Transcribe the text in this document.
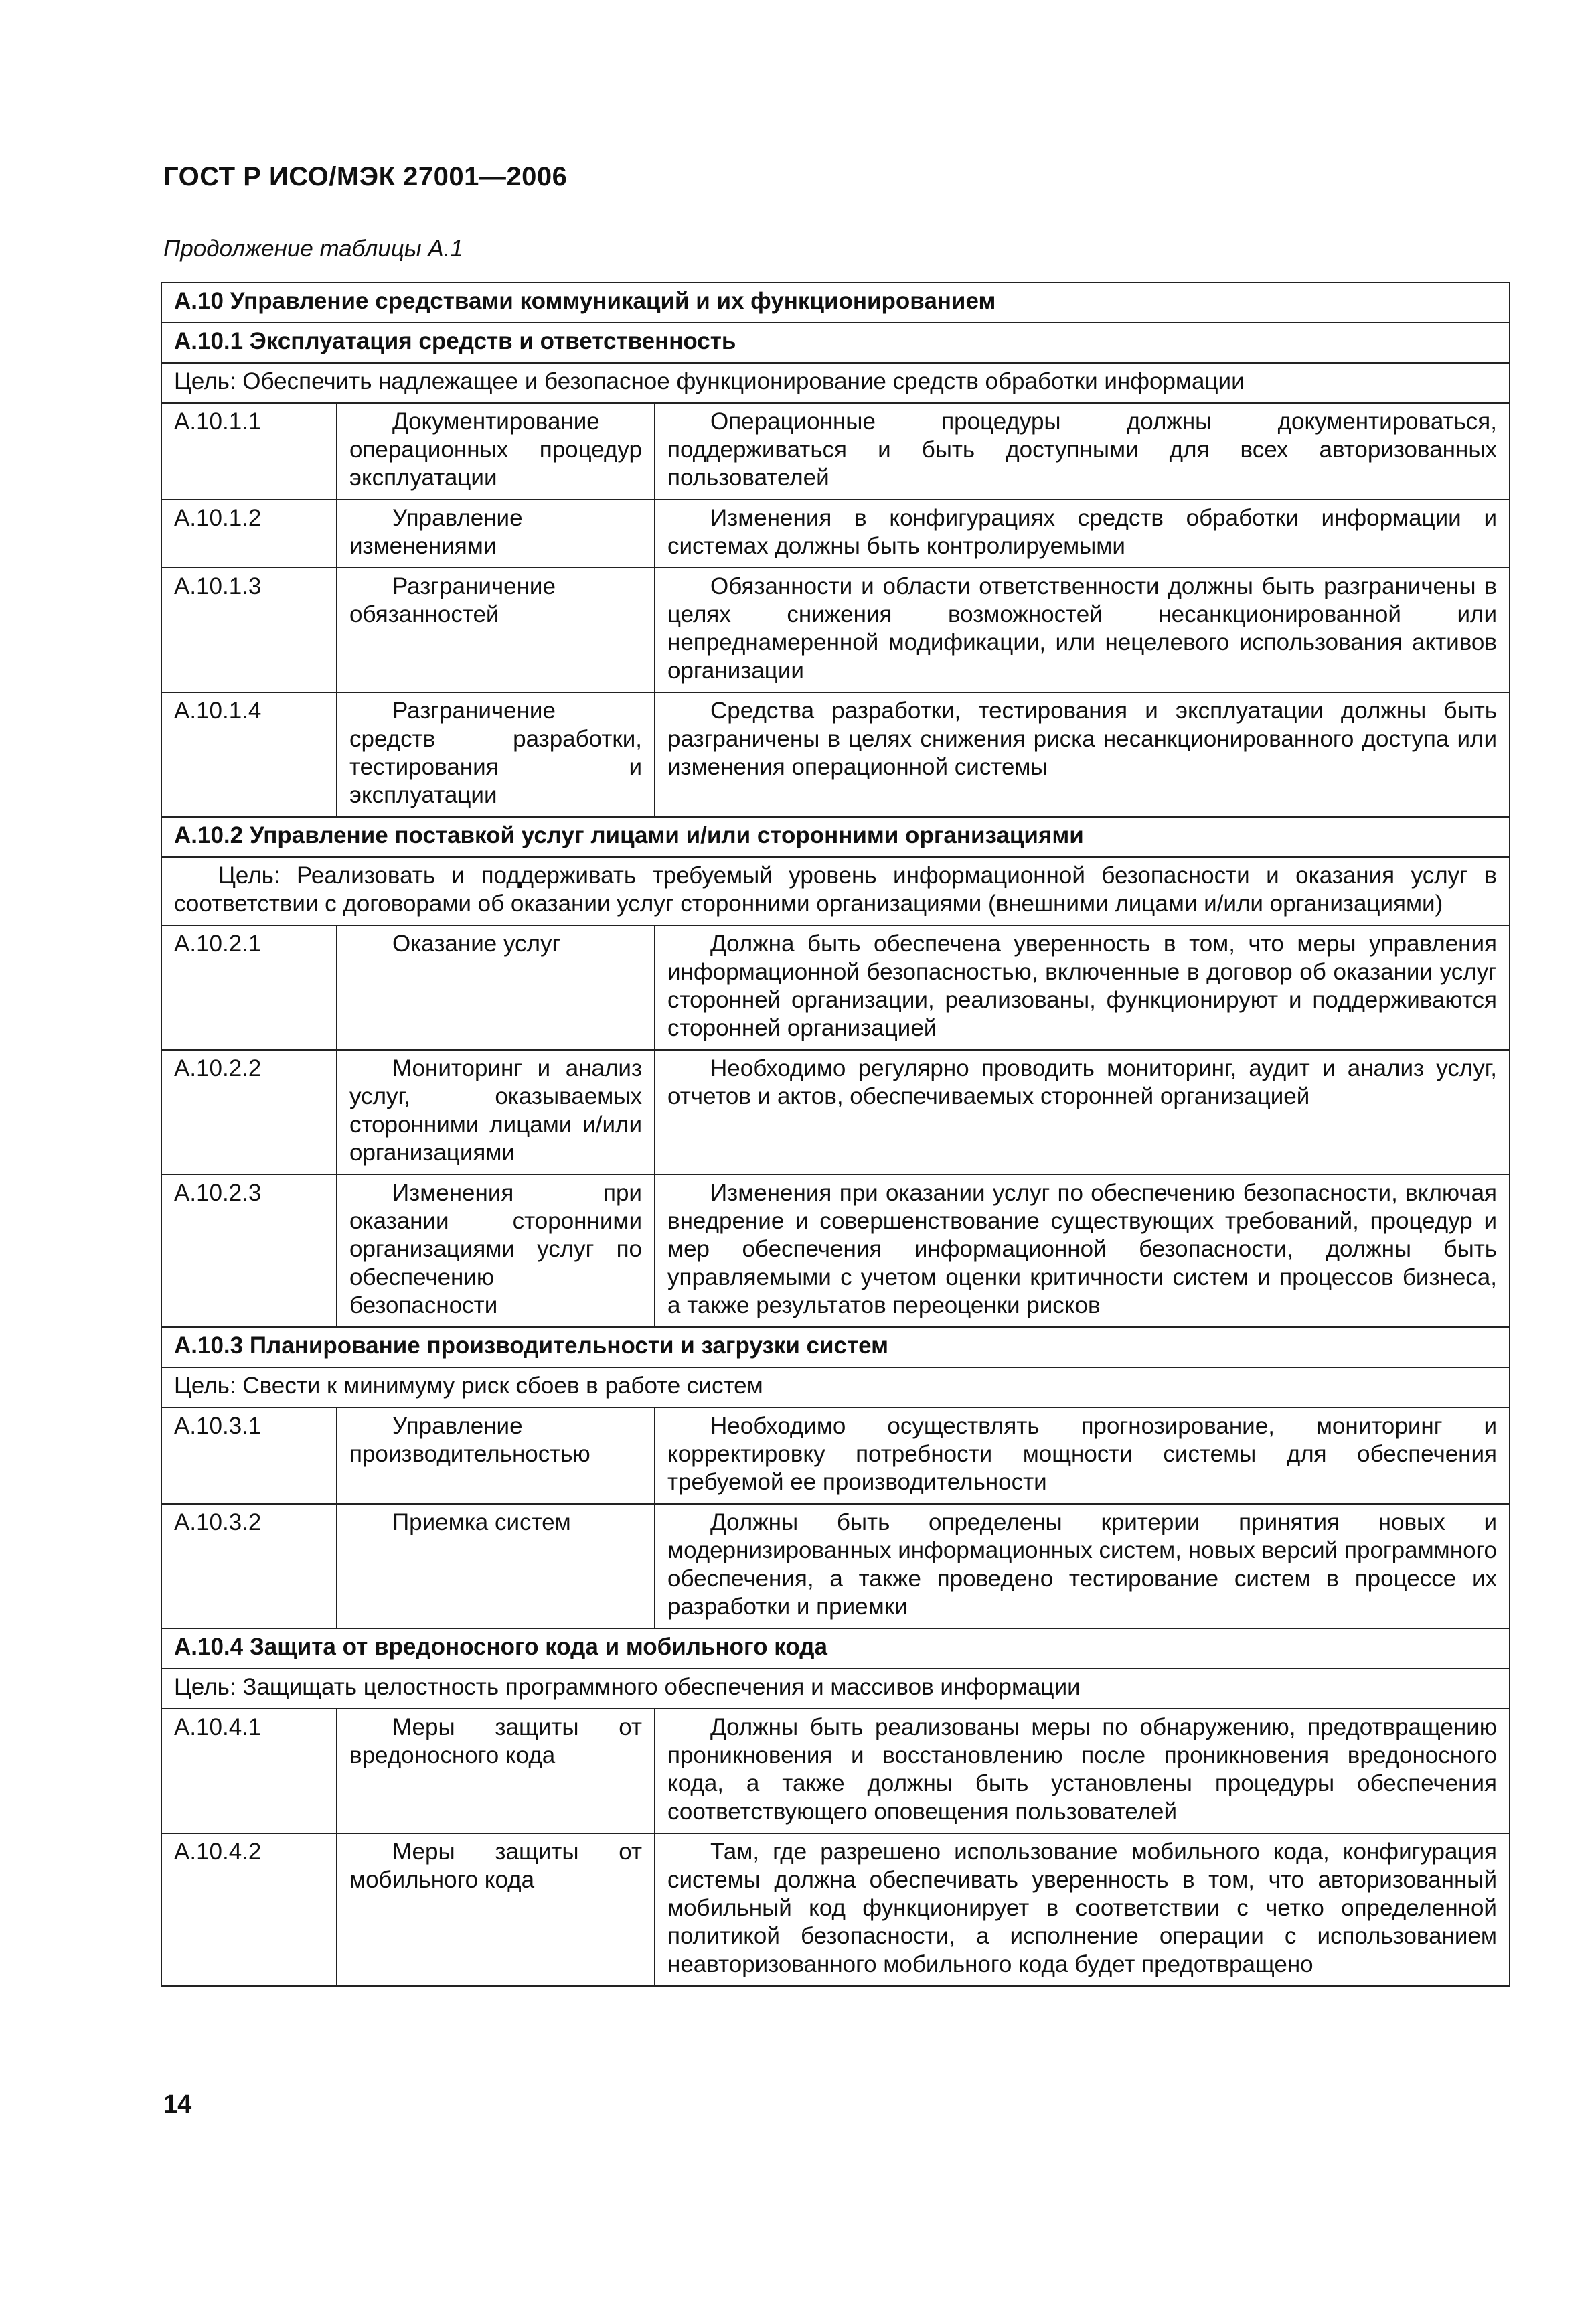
ГОСТ Р ИСО/МЭК 27001—2006
Продолжение таблицы А.1
А.10 Управление средствами коммуникаций и их функционированием		
А.10.1 Эксплуатация средств и ответственность		
Цель: Обеспечить надлежащее и безопасное функционирование средств обработки информации		
А.10.1.1	Документирование операционных процедур эксплуатации	Операционные процедуры должны документироваться, поддерживаться и быть доступными для всех авторизованных пользователей
А.10.1.2	Управление изменениями	Изменения в конфигурациях средств обработки информации и системах должны быть контролируемыми
А.10.1.3	Разграничение обязанностей	Обязанности и области ответственности должны быть разграничены в целях снижения возможностей несанкционированной или непреднамеренной модификации, или нецелевого использования активов организации
А.10.1.4	Разграничение средств разработки, тестирования и эксплуатации	Средства разработки, тестирования и эксплуатации должны быть разграничены в целях снижения риска несанкционированного доступа или изменения операционной системы
А.10.2 Управление поставкой услуг лицами и/или сторонними организациями		
Цель: Реализовать и поддерживать требуемый уровень информационной безопасности и оказания услуг в соответствии с договорами об оказании услуг сторонними организациями (внешними лицами и/или организациями)		
А.10.2.1	Оказание услуг	Должна быть обеспечена уверенность в том, что меры управления информационной безопасностью, включенные в договор об оказании услуг сторонней организации, реализованы, функционируют и поддерживаются сторонней организацией
А.10.2.2	Мониторинг и анализ услуг, оказываемых сторонними лицами и/или организациями	Необходимо регулярно проводить мониторинг, аудит и анализ услуг, отчетов и актов, обеспечиваемых сторонней организацией
А.10.2.3	Изменения при оказании сторонними организациями услуг по обеспечению безопасности	Изменения при оказании услуг по обеспечению безопасности, включая внедрение и совершенствование существующих требований, процедур и мер обеспечения информационной безопасности, должны быть управляемыми с учетом оценки критичности систем и процессов бизнеса, а также результатов переоценки рисков
А.10.3 Планирование производительности и загрузки систем		
Цель: Свести к минимуму риск сбоев в работе систем		
А.10.3.1	Управление производительностью	Необходимо осуществлять прогнозирование, мониторинг и корректировку потребности мощности системы для обеспечения требуемой ее производительности
А.10.3.2	Приемка систем	Должны быть определены критерии принятия новых и модернизированных информационных систем, новых версий программного обеспечения, а также проведено тестирование систем в процессе их разработки и приемки
А.10.4 Защита от вредоносного кода и мобильного кода		
Цель: Защищать целостность программного обеспечения и массивов информации		
А.10.4.1	Меры защиты от вредоносного кода	Должны быть реализованы меры по обнаружению, предотвращению проникновения и восстановлению после проникновения вредоносного кода, а также должны быть установлены процедуры обеспечения соответствующего оповещения пользователей
А.10.4.2	Меры защиты от мобильного кода	Там, где разрешено использование мобильного кода, конфигурация системы должна обеспечивать уверенность в том, что авторизованный мобильный код функционирует в соответствии с четко определенной политикой безопасности, а исполнение операции с использованием неавторизованного мобильного кода будет предотвращено
14
